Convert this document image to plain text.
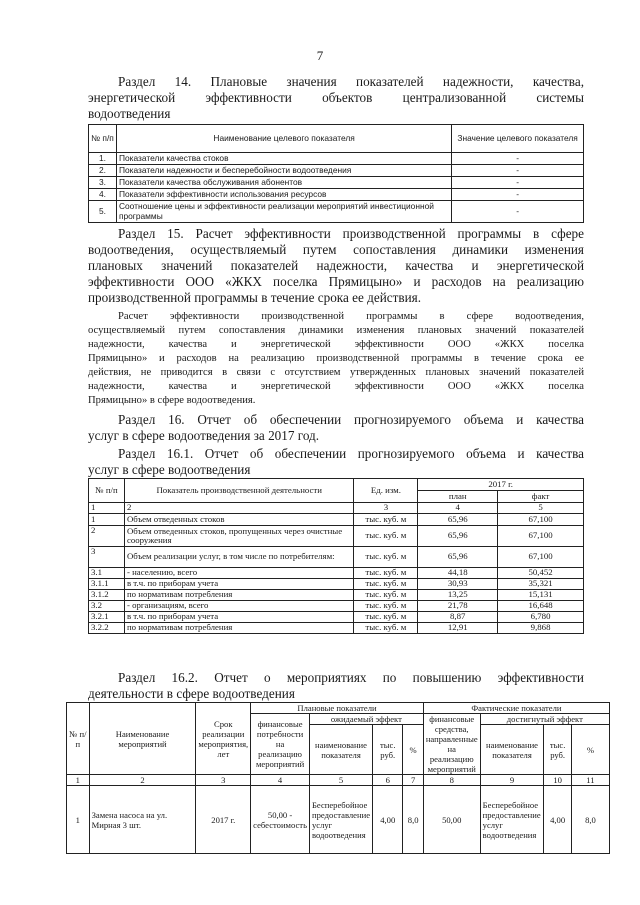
7
Раздел 14. Плановые значения показателей надежности, качества,
энергетической эффективности объектов централизованной системы
водоотведения
№ п/п	Наименование целевого показателя	Значение целевого показателя
1.	Показатели качества стоков	-
2.	Показатели надежности и бесперебойности водоотведения	-
3.	Показатели качества обслуживания абонентов	-
4.	Показатели эффективности использования ресурсов	-
5.	Соотношение цены и эффективности реализации мероприятий инвестиционной программы	-
Раздел 15. Расчет эффективности производственной программы в сфере
водоотведения, осуществляемый путем сопоставления динамики изменения
плановых значений показателей надежности, качества и энергетической
эффективности ООО «ЖКХ поселка Прямицыно» и расходов на реализацию
производственной программы в течение срока ее действия.
Расчет эффективности производственной программы в сфере водоотведения,
осуществляемый путем сопоставления динамики изменения плановых значений показателей
надежности, качества и энергетической эффективности ООО «ЖКХ поселка
Прямицыно» и расходов на реализацию производственной программы в течение срока ее
действия, не приводится в связи с отсутствием утвержденных плановых значений показателей
надежности, качества и энергетической эффективности ООО «ЖКХ поселка
Прямицыно» в сфере водоотведения.
Раздел 16. Отчет об обеспечении прогнозируемого объема и качества
услуг в сфере водоотведения за 2017 год.
Раздел 16.1. Отчет об обеспечении прогнозируемого объема и качества
услуг в сфере водоотведения
№ п/п	Показатель производственной деятельности	Ед. изм.	2017 г.	
			план	факт
1	2	3	4	5
1	Объем отведенных стоков	тыс. куб. м	65,96	67,100
2	Объем отведенных стоков, пропущенных через очистные сооружения	тыс. куб. м	65,96	67,100
3	Объем реализации услуг, в том числе по потребителям:	тыс. куб. м	65,96	67,100
3.1	- населению, всего	тыс. куб. м	44,18	50,452
3.1.1	в т.ч. по приборам учета	тыс. куб. м	30,93	35,321
3.1.2	по нормативам потребления	тыс. куб. м	13,25	15,131
3.2	- организациям, всего	тыс. куб. м	21,78	16,648
3.2.1	в т.ч. по приборам учета	тыс. куб. м	8,87	6,780
3.2.2	по нормативам потребления	тыс. куб. м	12,91	9,868
Раздел 16.2. Отчет о мероприятиях по повышению эффективности
деятельности в сфере водоотведения
№ п/п	Наименование мероприятий	Срок реализации мероприятия, лет	Плановые показатели				Фактические показатели			
			финансовые потребности на реализацию мероприятий	ожидаемый эффект			финансовые средства, направленные на реализацию мероприятий	достигнутый эффект		
				наименование показателя	тыс. руб.	%		наименование показателя	тыс. руб.	%

1	2	3	4	5	6	7	8	9	10	11
1	Замена насоса на ул. Мирная 3 шт.	2017 г.	50,00 - себестоимость	Бесперебойное предоставление услуг водоотведения	4,00	8,0	50,00	Бесперебойное предоставление услуг водоотведения	4,00	8,0
